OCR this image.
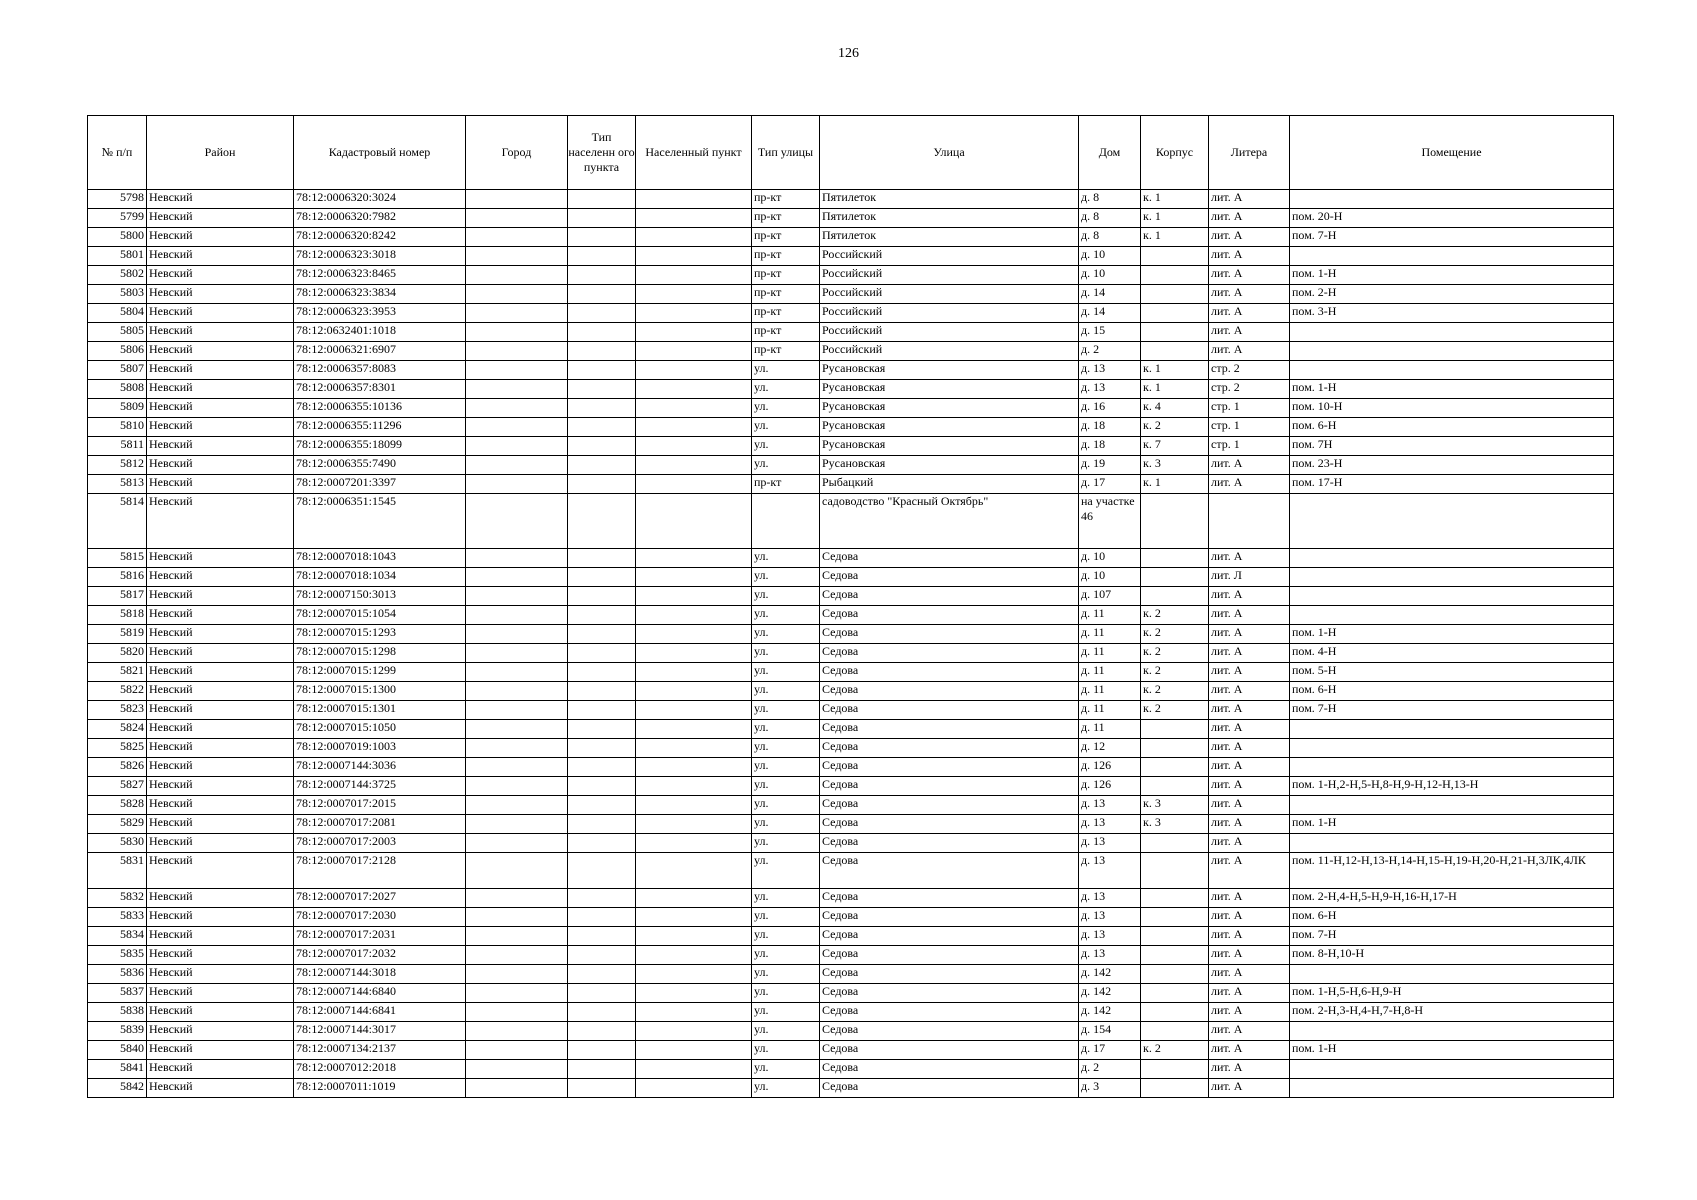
126
№ п/п	Район	Кадастровый номер	Город	Тип населенн ого пункта	Населенный пункт	Тип улицы	Улица	Дом	Корпус	Литера	Помещение
5798	Невский	78:12:0006320:3024				пр-кт	Пятилеток	д. 8	к. 1	лит. А	
5799	Невский	78:12:0006320:7982				пр-кт	Пятилеток	д. 8	к. 1	лит. А	пом. 20-Н
5800	Невский	78:12:0006320:8242				пр-кт	Пятилеток	д. 8	к. 1	лит. А	пом. 7-Н
5801	Невский	78:12:0006323:3018				пр-кт	Российский	д. 10		лит. А	
5802	Невский	78:12:0006323:8465				пр-кт	Российский	д. 10		лит. А	пом. 1-Н
5803	Невский	78:12:0006323:3834				пр-кт	Российский	д. 14		лит. А	пом. 2-Н
5804	Невский	78:12:0006323:3953				пр-кт	Российский	д. 14		лит. А	пом. 3-Н
5805	Невский	78:12:0632401:1018				пр-кт	Российский	д. 15		лит. А	
5806	Невский	78:12:0006321:6907				пр-кт	Российский	д. 2		лит. А	
5807	Невский	78:12:0006357:8083				ул.	Русановская	д. 13	к. 1	стр. 2	
5808	Невский	78:12:0006357:8301				ул.	Русановская	д. 13	к. 1	стр. 2	пом. 1-Н
5809	Невский	78:12:0006355:10136				ул.	Русановская	д. 16	к. 4	стр. 1	пом. 10-Н
5810	Невский	78:12:0006355:11296				ул.	Русановская	д. 18	к. 2	стр. 1	пом. 6-Н
5811	Невский	78:12:0006355:18099				ул.	Русановская	д. 18	к. 7	стр. 1	пом. 7Н
5812	Невский	78:12:0006355:7490				ул.	Русановская	д. 19	к. 3	лит. А	пом. 23-Н
5813	Невский	78:12:0007201:3397				пр-кт	Рыбацкий	д. 17	к. 1	лит. А	пом. 17-Н
5814	Невский	78:12:0006351:1545					садоводство "Красный Октябрь"	на участке 46			
5815	Невский	78:12:0007018:1043				ул.	Седова	д. 10		лит. А	
5816	Невский	78:12:0007018:1034				ул.	Седова	д. 10		лит. Л	
5817	Невский	78:12:0007150:3013				ул.	Седова	д. 107		лит. А	
5818	Невский	78:12:0007015:1054				ул.	Седова	д. 11	к. 2	лит. А	
5819	Невский	78:12:0007015:1293				ул.	Седова	д. 11	к. 2	лит. А	пом. 1-Н
5820	Невский	78:12:0007015:1298				ул.	Седова	д. 11	к. 2	лит. А	пом. 4-Н
5821	Невский	78:12:0007015:1299				ул.	Седова	д. 11	к. 2	лит. А	пом. 5-Н
5822	Невский	78:12:0007015:1300				ул.	Седова	д. 11	к. 2	лит. А	пом. 6-Н
5823	Невский	78:12:0007015:1301				ул.	Седова	д. 11	к. 2	лит. А	пом. 7-Н
5824	Невский	78:12:0007015:1050				ул.	Седова	д. 11		лит. А	
5825	Невский	78:12:0007019:1003				ул.	Седова	д. 12		лит. А	
5826	Невский	78:12:0007144:3036				ул.	Седова	д. 126		лит. А	
5827	Невский	78:12:0007144:3725				ул.	Седова	д. 126		лит. А	пом. 1-Н,2-Н,5-Н,8-Н,9-Н,12-Н,13-Н
5828	Невский	78:12:0007017:2015				ул.	Седова	д. 13	к. 3	лит. А	
5829	Невский	78:12:0007017:2081				ул.	Седова	д. 13	к. 3	лит. А	пом. 1-Н
5830	Невский	78:12:0007017:2003				ул.	Седова	д. 13		лит. А	
5831	Невский	78:12:0007017:2128				ул.	Седова	д. 13		лит. А	пом. 11-Н,12-Н,13-Н,14-Н,15-Н,19-Н,20-Н,21-Н,3ЛК,4ЛК
5832	Невский	78:12:0007017:2027				ул.	Седова	д. 13		лит. А	пом. 2-Н,4-Н,5-Н,9-Н,16-Н,17-Н
5833	Невский	78:12:0007017:2030				ул.	Седова	д. 13		лит. А	пом. 6-Н
5834	Невский	78:12:0007017:2031				ул.	Седова	д. 13		лит. А	пом. 7-Н
5835	Невский	78:12:0007017:2032				ул.	Седова	д. 13		лит. А	пом. 8-Н,10-Н
5836	Невский	78:12:0007144:3018				ул.	Седова	д. 142		лит. А	
5837	Невский	78:12:0007144:6840				ул.	Седова	д. 142		лит. А	пом. 1-Н,5-Н,6-Н,9-Н
5838	Невский	78:12:0007144:6841				ул.	Седова	д. 142		лит. А	пом. 2-Н,3-Н,4-Н,7-Н,8-Н
5839	Невский	78:12:0007144:3017				ул.	Седова	д. 154		лит. А	
5840	Невский	78:12:0007134:2137				ул.	Седова	д. 17	к. 2	лит. А	пом. 1-Н
5841	Невский	78:12:0007012:2018				ул.	Седова	д. 2		лит. А	
5842	Невский	78:12:0007011:1019				ул.	Седова	д. 3		лит. А	
